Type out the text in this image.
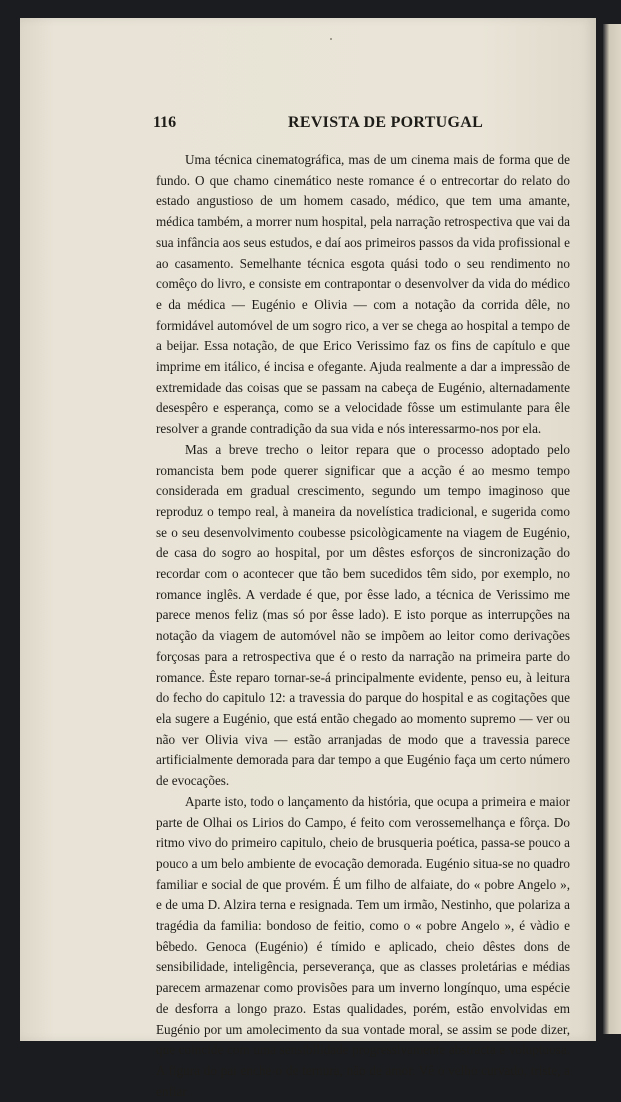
116	REVISTA DE PORTUGAL

Uma técnica cinematográfica, mas de um cinema mais de forma que de fundo. O que chamo cinemático neste romance é o entrecortar do relato do estado angustioso de um homem casado, médico, que tem uma amante, médica também, a morrer num hospital, pela narração retrospectiva que vai da sua infância aos seus estudos, e daí aos primeiros passos da vida profissional e ao casamento. Semelhante técnica esgota quási todo o seu rendimento no comêço do livro, e consiste em contrapontar o desenvolver da vida do médico e da médica — Eugénio e Olivia — com a notação da corrida dêle, no formidável automóvel de um sogro rico, a ver se chega ao hospital a tempo de a beijar. Essa notação, de que Erico Verissimo faz os fins de capítulo e que imprime em itálico, é incisa e ofegante. Ajuda realmente a dar a impressão de extremidade das coisas que se passam na cabeça de Eugénio, alternadamente desespêro e esperança, como se a velocidade fôsse um estimulante para êle resolver a grande contradição da sua vida e nós interessarmo-nos por ela.

Mas a breve trecho o leitor repara que o processo adoptado pelo romancista bem pode querer significar que a acção é ao mesmo tempo considerada em gradual crescimento, segundo um tempo imaginoso que reproduz o tempo real, à maneira da novelística tradicional, e sugerida como se o seu desenvolvimento coubesse psicològicamente na viagem de Eugénio, de casa do sogro ao hospital, por um dêstes esforços de sincronização do recordar com o acontecer que tão bem sucedidos têm sido, por exemplo, no romance inglês. A verdade é que, por êsse lado, a técnica de Verissimo me parece menos feliz (mas só por êsse lado). E isto porque as interrupções na notação da viagem de automóvel não se impõem ao leitor como derivações forçosas para a retrospectiva que é o resto da narração na primeira parte do romance. Êste reparo tornar-se-á principalmente evidente, penso eu, à leitura do fecho do capitulo 12: a travessia do parque do hospital e as cogitações que ela sugere a Eugénio, que está então chegado ao momento supremo — ver ou não ver Olivia viva — estão arranjadas de modo que a travessia parece artificialmente demorada para dar tempo a que Eugénio faça um certo número de evocações.

Aparte isto, todo o lançamento da história, que ocupa a primeira e maior parte de Olhai os Lirios do Campo, é feito com verossemelhança e fôrça. Do ritmo vivo do primeiro capitulo, cheio de brusqueria poética, passa-se pouco a pouco a um belo ambiente de evocação demorada. Eugénio situa-se no quadro familiar e social de que provém. É um filho de alfaiate, do « pobre Angelo », e de uma D. Alzira terna e resignada. Tem um irmão, Nestinho, que polariza a tragédia da familia: bondoso de feitio, como o « pobre Angelo », é vàdio e bêbedo. Genoca (Eugénio) é tímido e aplicado, cheio dêstes dons de sensibilidade, inteligência, perseverança, que as classes proletárias e médias parecem armazenar como provisões para um inverno longínquo, uma espécie de desforra a longo prazo. Estas qualidades, porém, estão envolvidas em Eugénio por um amolecimento da sua vontade moral, se assim se pode dizer, que coincide com uma sensibilidade progressivamente abstracta e voluptuosa. A figura do pai enche-o de ternura, não de amor. Vê o velho curvado, triste, a enfiar
